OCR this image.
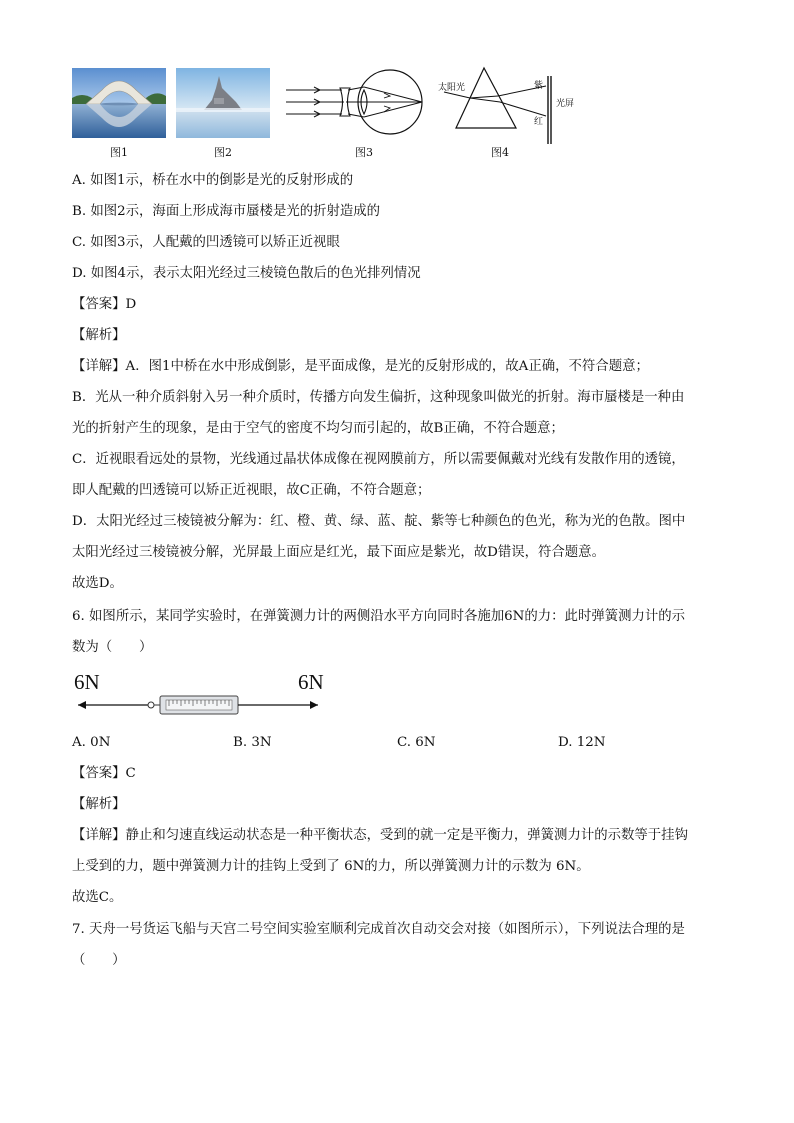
图1	图2	图3
太阳光	紫
红
光屏
图4
A. 如图1示，桥在水中的倒影是光的反射形成的
B. 如图2示，海面上形成海市蜃楼是光的折射造成的
C. 如图3示，人配戴的凹透镜可以矫正近视眼
D. 如图4示，表示太阳光经过三棱镜色散后的色光排列情况
【答案】D
【解析】
【详解】A．图1中桥在水中形成倒影，是平面成像，是光的反射形成的，故A正确，不符合题意；
B．光从一种介质斜射入另一种介质时，传播方向发生偏折，这种现象叫做光的折射。海市蜃楼是一种由
光的折射产生的现象，是由于空气的密度不均匀而引起的，故B正确，不符合题意；
C．近视眼看远处的景物，光线通过晶状体成像在视网膜前方，所以需要佩戴对光线有发散作用的透镜，
即人配戴的凹透镜可以矫正近视眼，故C正确，不符合题意；
D．太阳光经过三棱镜被分解为：红、橙、黄、绿、蓝、靛、紫等七种颜色的色光，称为光的色散。图中
太阳光经过三棱镜被分解，光屏最上面应是红光，最下面应是紫光，故D错误，符合题意。
故选D。
6. 如图所示，某同学实验时，在弹簧测力计的两侧沿水平方向同时各施加6N的力：此时弹簧测力计的示
数为（　　）
6N	6N
A. 0N	B. 3N	C. 6N	D. 12N
【答案】C
【解析】
【详解】静止和匀速直线运动状态是一种平衡状态，受到的就一定是平衡力，弹簧测力计的示数等于挂钩
上受到的力，题中弹簧测力计的挂钩上受到了 6N的力，所以弹簧测力计的示数为 6N。
故选C。
7. 天舟一号货运飞船与天宫二号空间实验室顺利完成首次自动交会对接（如图所示），下列说法合理的是
（　　）
